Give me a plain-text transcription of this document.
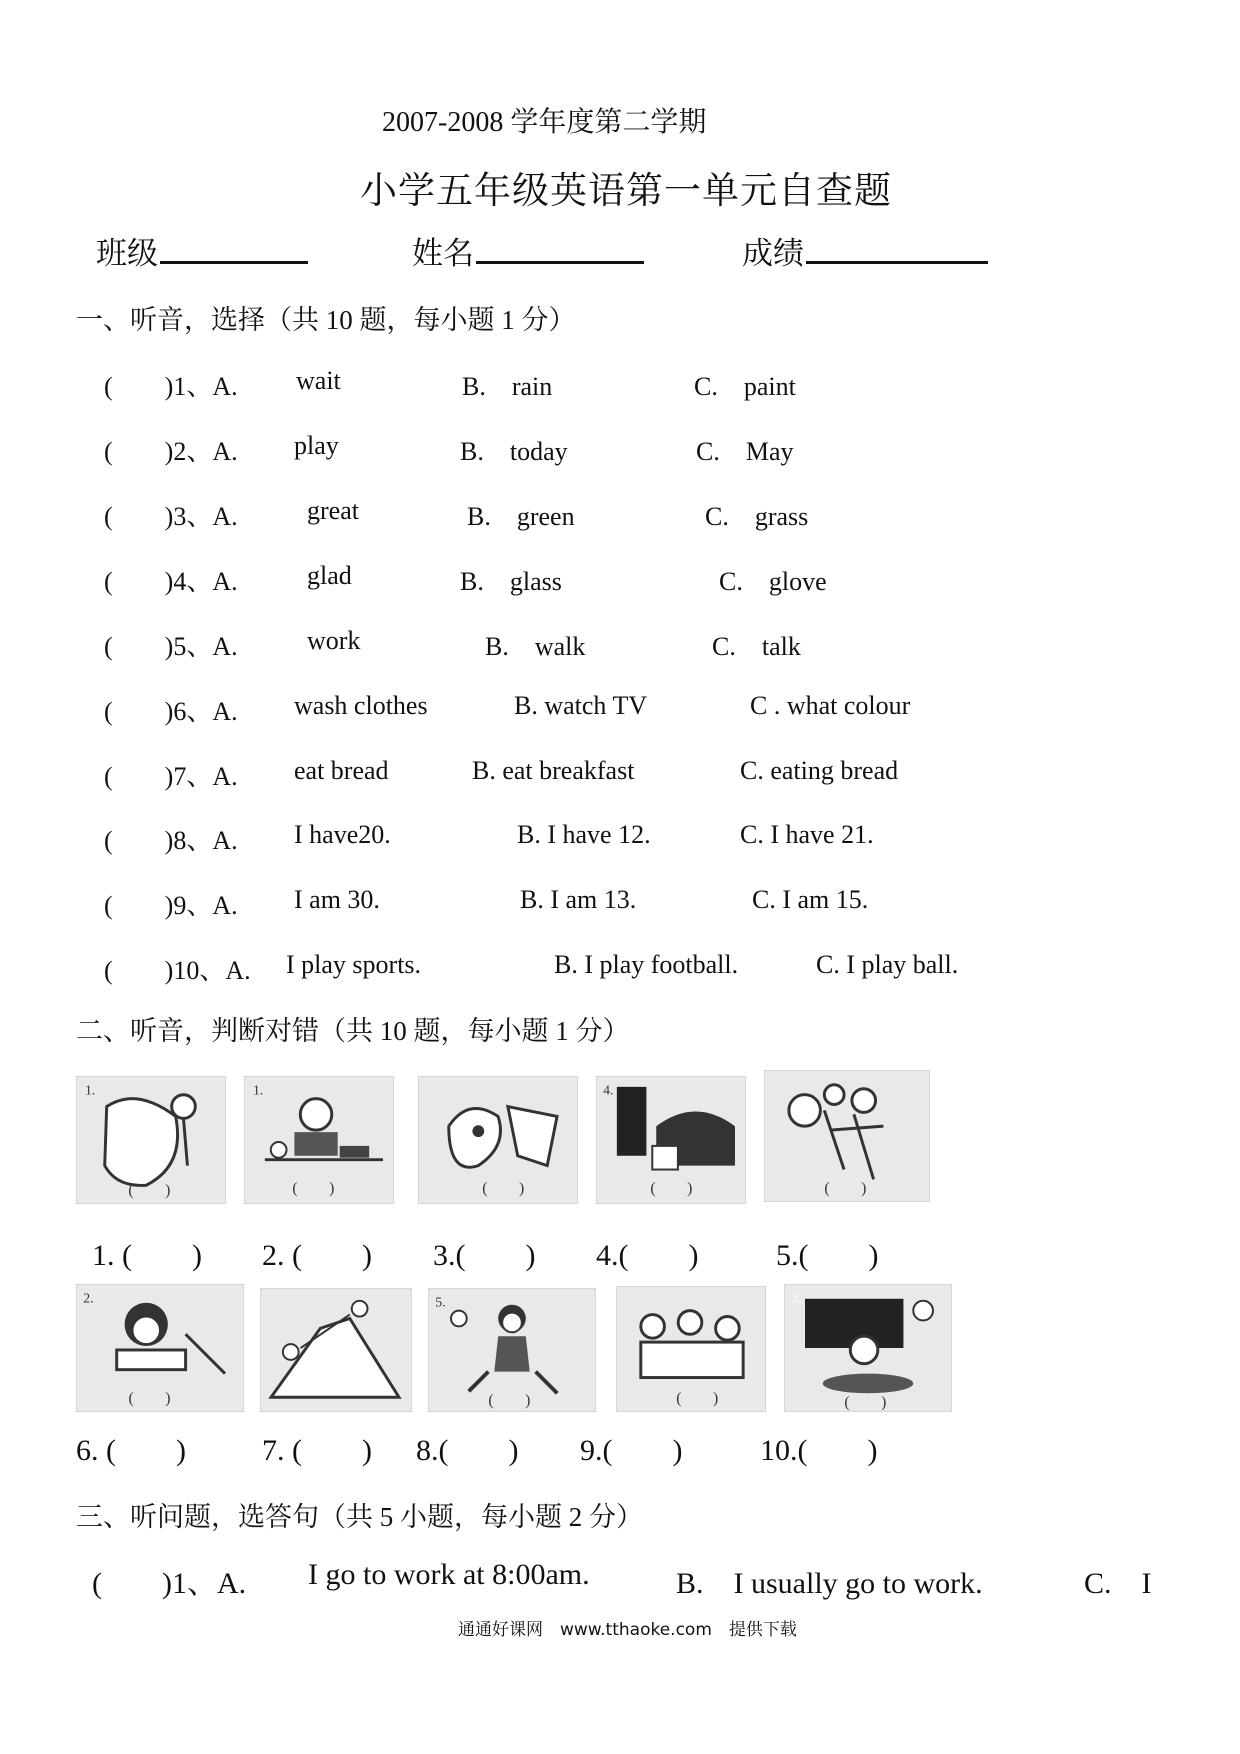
2007-2008 学年度第二学期
小学五年级英语第一单元自查题
班级	姓名	成绩
一、听音，选择（共 10 题，每小题 1 分）
(　　)1、A. wait	B.　rain	C.　paint
(　　)2、A. play	B.　today	C.　May
(　　)3、A.	great	B.　green	C.　grass
(　　)4、A.	glad	B.　glass	C.　glove
(　　)5、A.	work	B.　walk	C.　talk
(　　)6、A. wash clothes	B. watch TV	C . what colour
(　　)7、A. eat bread	B. eat breakfast	C. eating bread
(　　)8、A. I have20.	B. I have 12.	C. I have 21.
(　　)9、A. I am 30.	B. I am 13.	C. I am 15.
(　　)10、A. I play sports.	B. I play football.	C. I play ball.
二、听音，判断对错（共 10 题，每小题 1 分）
1.
(　　)
1.
(　　)	(　　)
4.
(　　)	(　　)
1. (　　) 2. (　　) 3.(　　) 4.(　　)	5.(　　)
2.
(　　)
5.
(　　)	(　　)
3.
(　　)
6. (　　)	7. (　　) 8.(　　) 9.(　　)	10.(　　)
三、听问题，选答句（共 5 小题，每小题 2 分）
(　　)1、A. I go to work at 8:00am.	B.　I usually go to work.	C.　I
通通好课网　www.tthaoke.com　提供下载
